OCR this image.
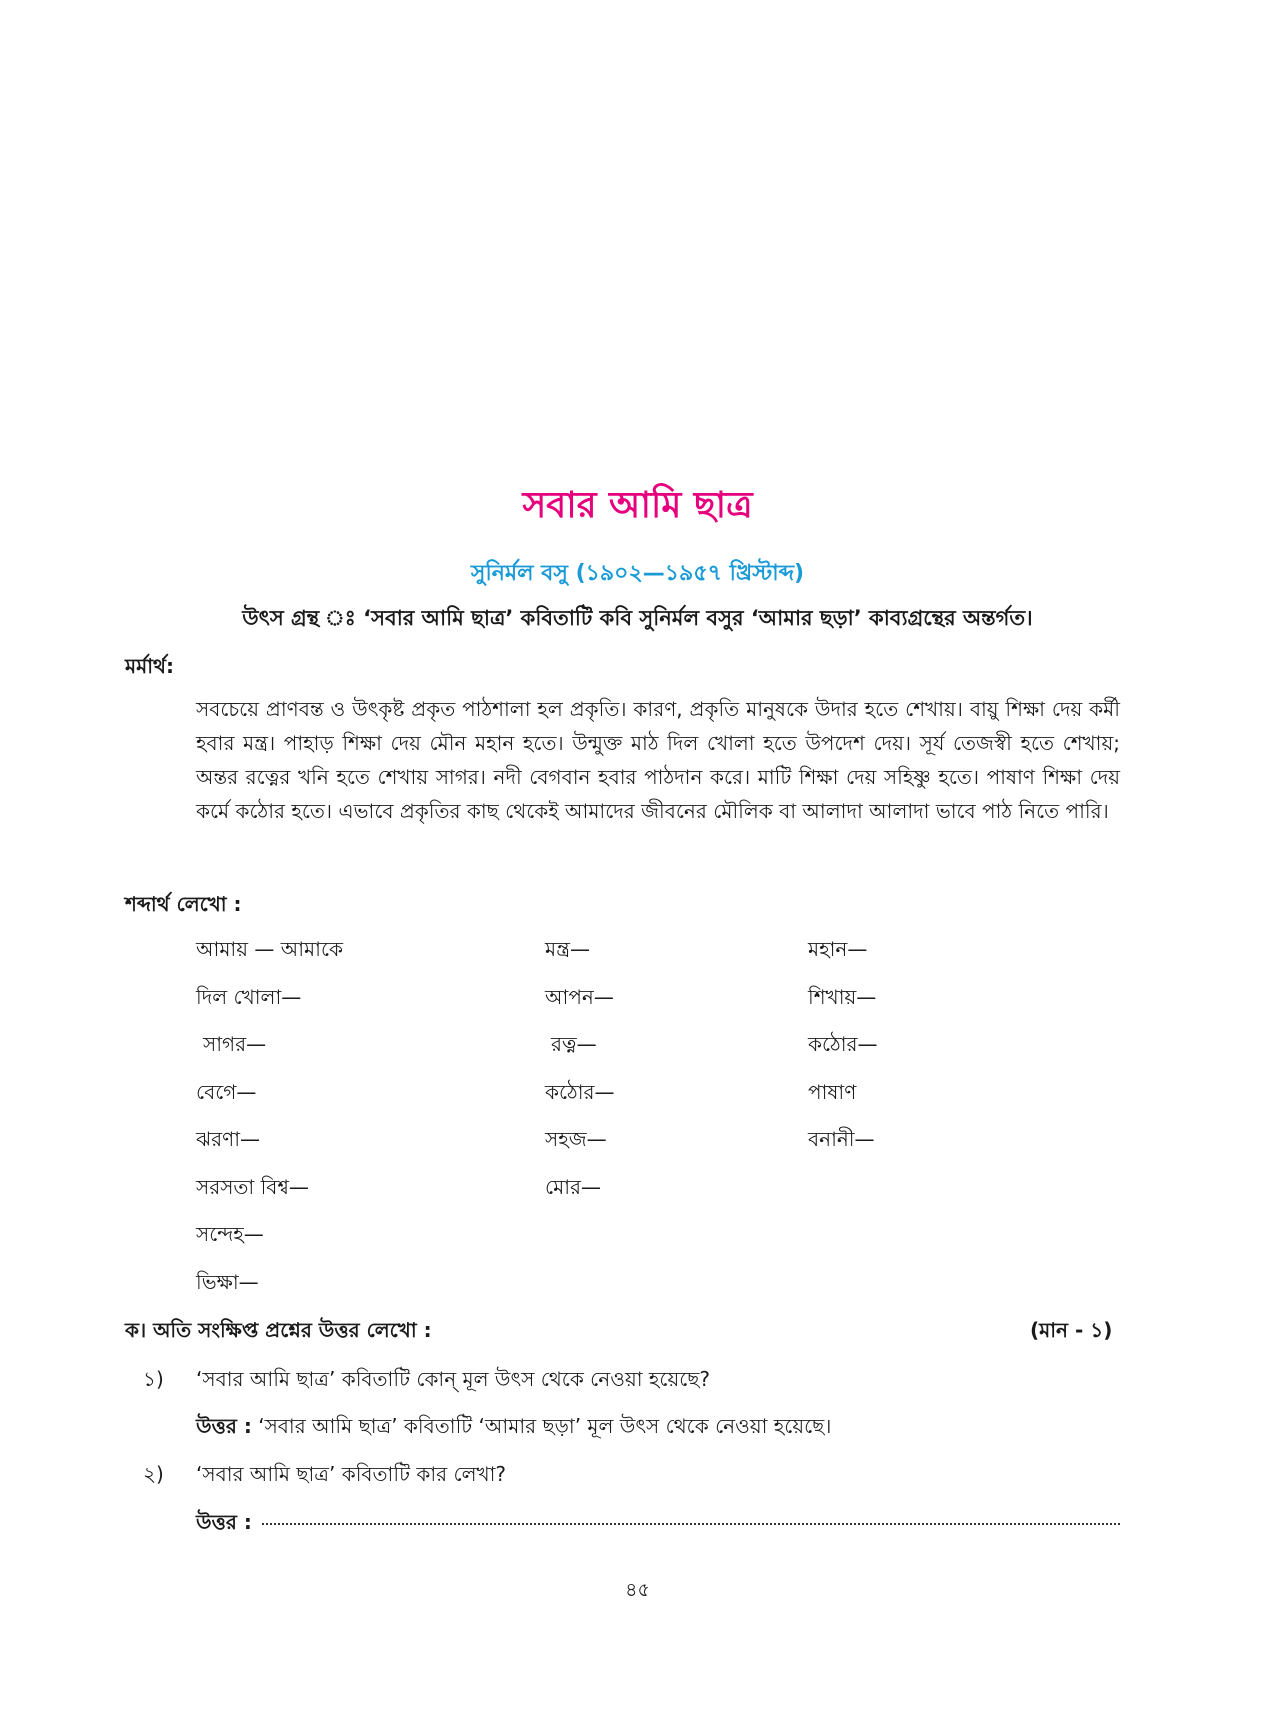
সবার আমি ছাত্র
সুনির্মল বসু (১৯০২—১৯৫৭ খ্রিস্টাব্দ)
উৎস গ্রন্থ ঃ ‘সবার আমি ছাত্র’ কবিতাটি কবি সুনির্মল বসুর ‘আমার ছড়া’ কাব্যগ্রন্থের অন্তর্গত।
মর্মার্থ:

সবচেয়ে প্রাণবন্ত ও উৎকৃষ্ট প্রকৃত পাঠশালা হল প্রকৃতি। কারণ, প্রকৃতি মানুষকে উদার হতে শেখায়। বায়ু শিক্ষা দেয় কর্মী হবার মন্ত্র। পাহাড় শিক্ষা দেয় মৌন মহান হতে। উন্মুক্ত মাঠ দিল খোলা হতে উপদেশ দেয়। সূর্য তেজস্বী হতে শেখায়; অন্তর রত্নের খনি হতে শেখায় সাগর। নদী বেগবান হবার পাঠদান করে। মাটি শিক্ষা দেয় সহিষ্ণু হতে। পাষাণ শিক্ষা দেয় কর্মে কঠোর হতে। এভাবে প্রকৃতির কাছ থেকেই আমাদের জীবনের মৌলিক বা আলাদা আলাদা ভাবে পাঠ নিতে পারি।

শব্দার্থ লেখো :
আমায় — আমাকে
দিল খোলা—
সাগর—
বেগে—
ঝরণা—
সরসতা বিশ্ব—
সন্দেহ—
ভিক্ষা—
মন্ত্র—
আপন—
রত্ন—
কঠোর—
সহজ—
মোর—
মহান—
শিখায়—
কঠোর—
পাষাণ
বনানী—
ক। অতি সংক্ষিপ্ত প্রশ্নের উত্তর লেখো :	(মান - ১)
১) ‘সবার আমি ছাত্র’ কবিতাটি কোন্ মূল উৎস থেকে নেওয়া হয়েছে?
উত্তর : ‘সবার আমি ছাত্র’ কবিতাটি ‘আমার ছড়া’ মূল উৎস থেকে নেওয়া হয়েছে।
২) ‘সবার আমি ছাত্র’ কবিতাটি কার লেখা?
উত্তর :
৪৫
